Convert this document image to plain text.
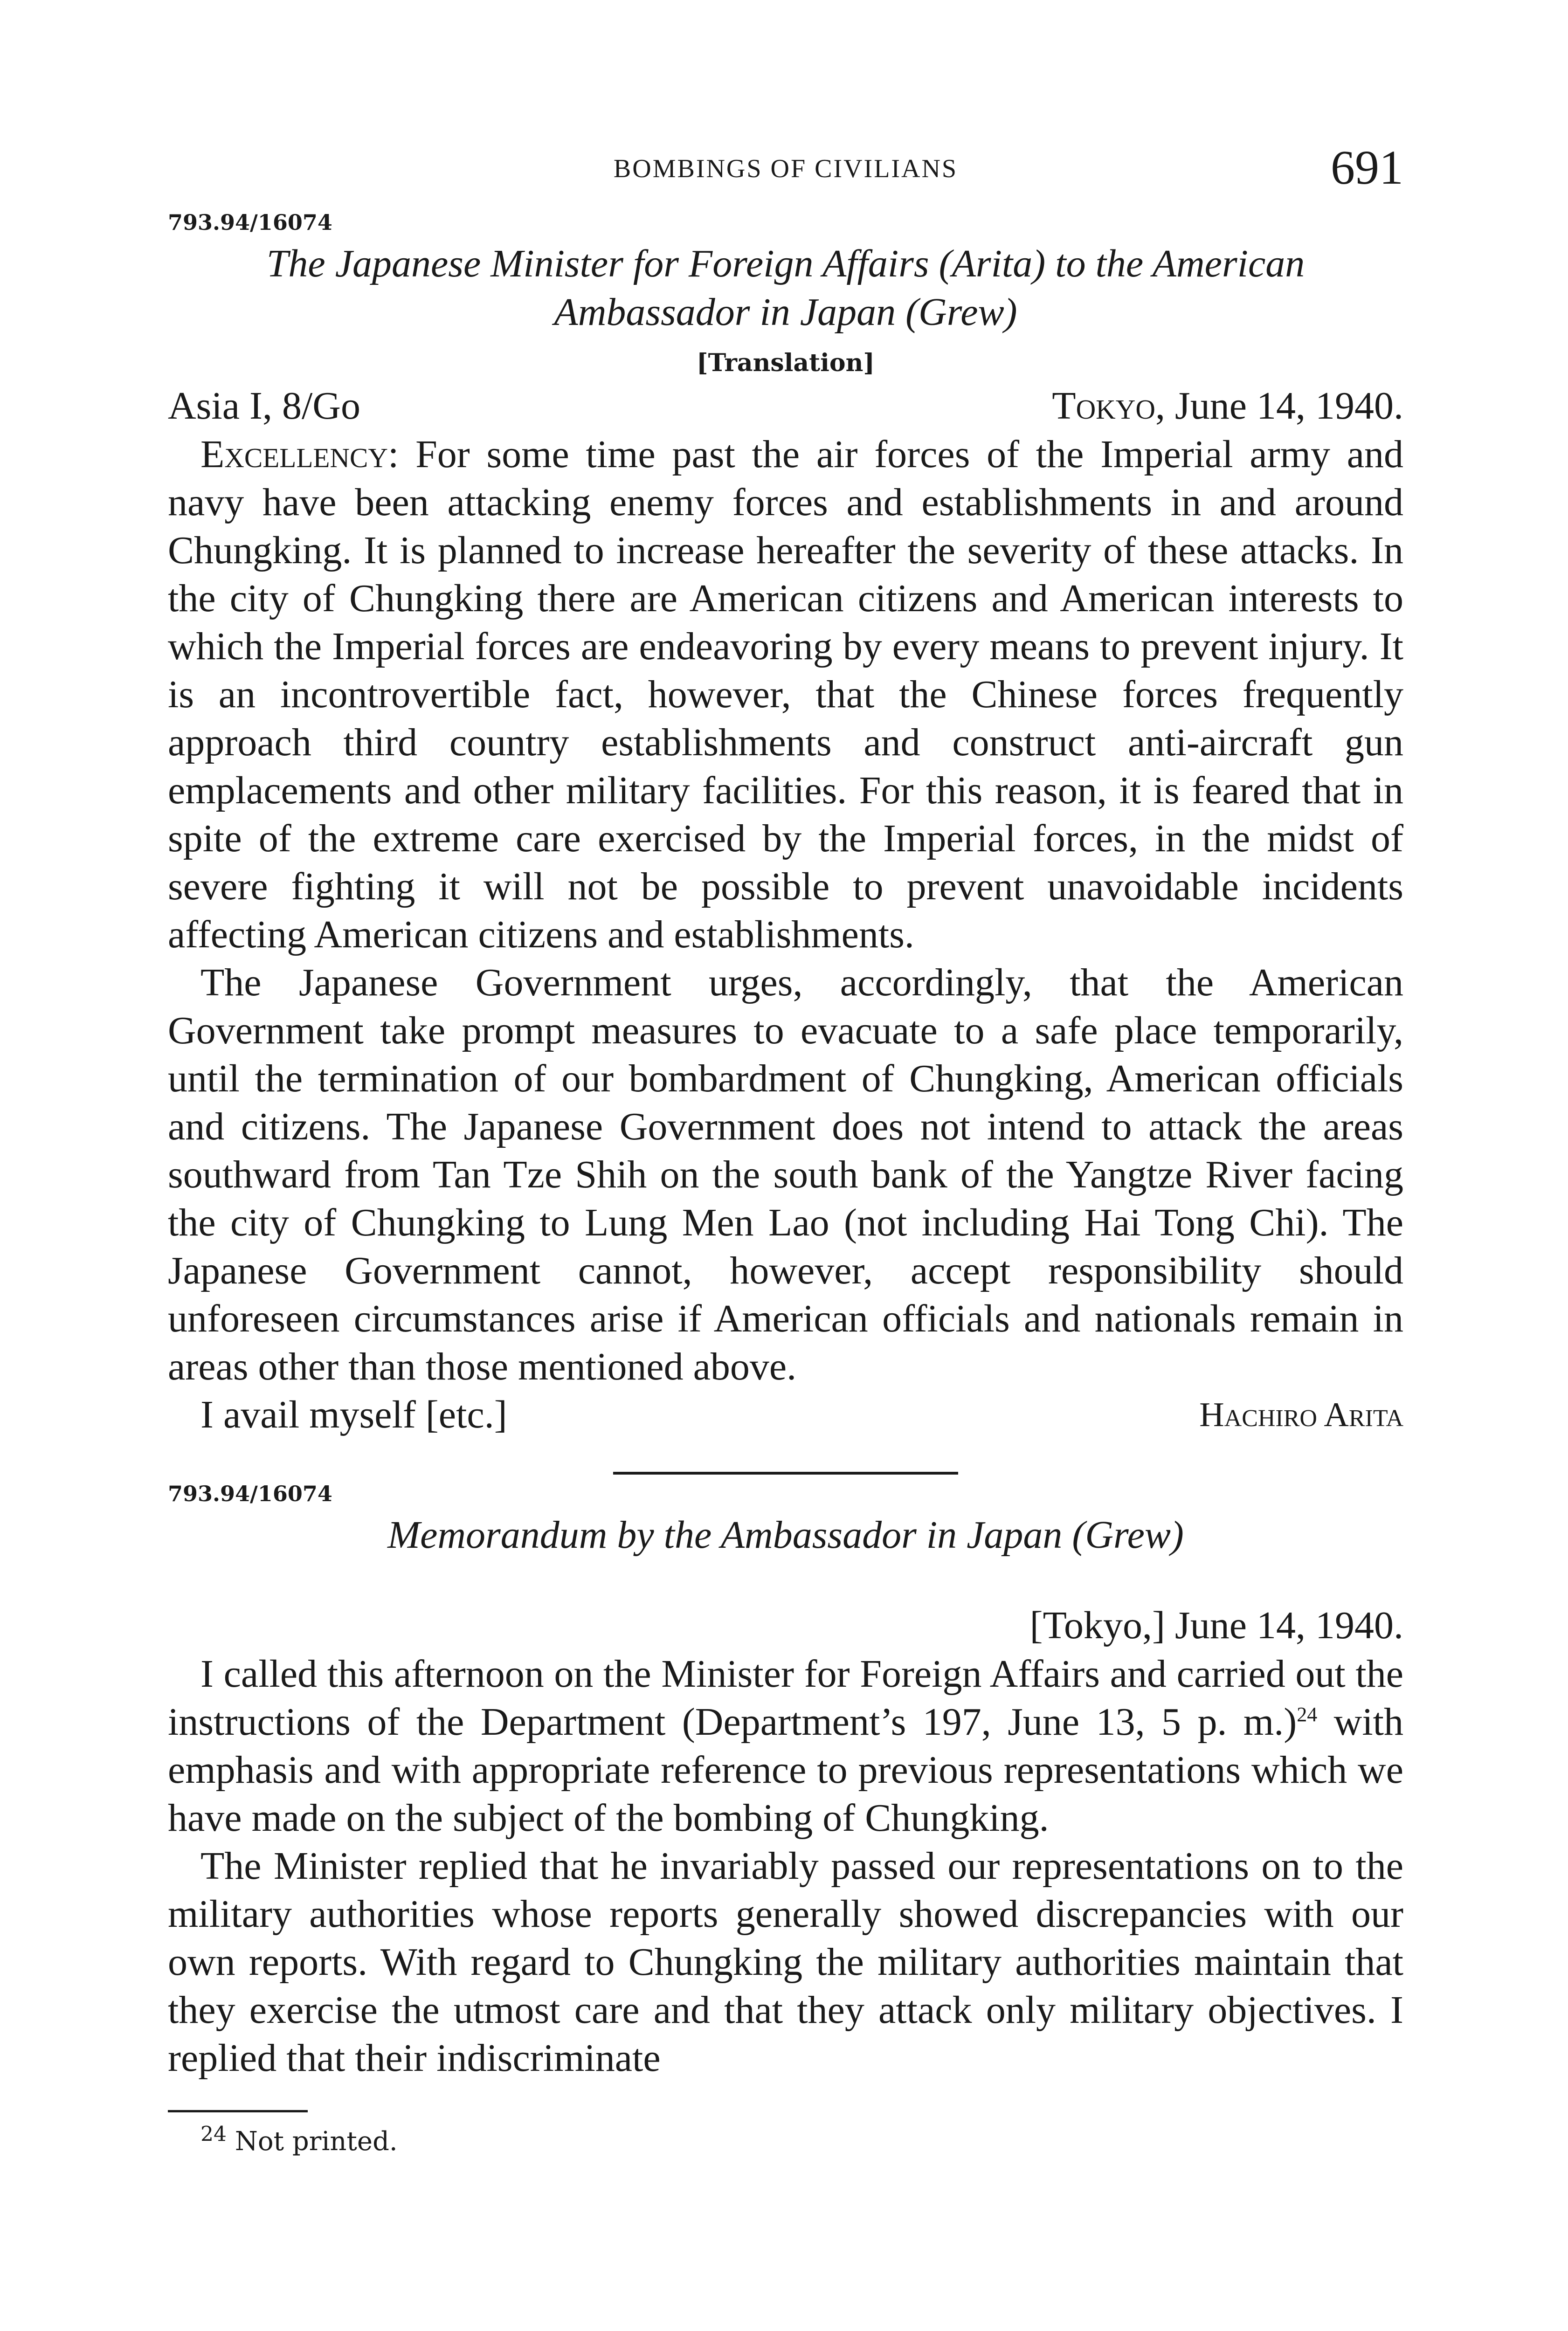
BOMBINGS OF CIVILIANS	691
793.94/16074
The Japanese Minister for Foreign Affairs (Arita) to the American Ambassador in Japan (Grew)
[Translation]
Asia I, 8/Go	Tokyo, June 14, 1940.

Excellency: For some time past the air forces of the Imperial army and navy have been attacking enemy forces and establishments in and around Chungking. It is planned to increase hereafter the severity of these attacks. In the city of Chungking there are American citizens and American interests to which the Imperial forces are endeavoring by every means to prevent injury. It is an incontrovertible fact, however, that the Chinese forces frequently approach third country establishments and construct anti-aircraft gun emplacements and other military facilities. For this reason, it is feared that in spite of the extreme care exercised by the Imperial forces, in the midst of severe fighting it will not be possible to prevent unavoidable incidents affecting American citizens and establishments.

The Japanese Government urges, accordingly, that the American Government take prompt measures to evacuate to a safe place temporarily, until the termination of our bombardment of Chungking, American officials and citizens. The Japanese Government does not intend to attack the areas southward from Tan Tze Shih on the south bank of the Yangtze River facing the city of Chungking to Lung Men Lao (not including Hai Tong Chi). The Japanese Government cannot, however, accept responsibility should unforeseen circumstances arise if American officials and nationals remain in areas other than those mentioned above.

I avail myself [etc.]	Hachiro Arita
793.94/16074
Memorandum by the Ambassador in Japan (Grew)
[Tokyo,] June 14, 1940.

I called this afternoon on the Minister for Foreign Affairs and carried out the instructions of the Department (Department’s 197, June 13, 5 p. m.)$^{24}$ with emphasis and with appropriate reference to previous representations which we have made on the subject of the bombing of Chungking.

The Minister replied that he invariably passed our representations on to the military authorities whose reports generally showed discrepancies with our own reports. With regard to Chungking the military authorities maintain that they exercise the utmost care and that they attack only military objectives. I replied that their indiscriminate

$^{24}$ Not printed.
